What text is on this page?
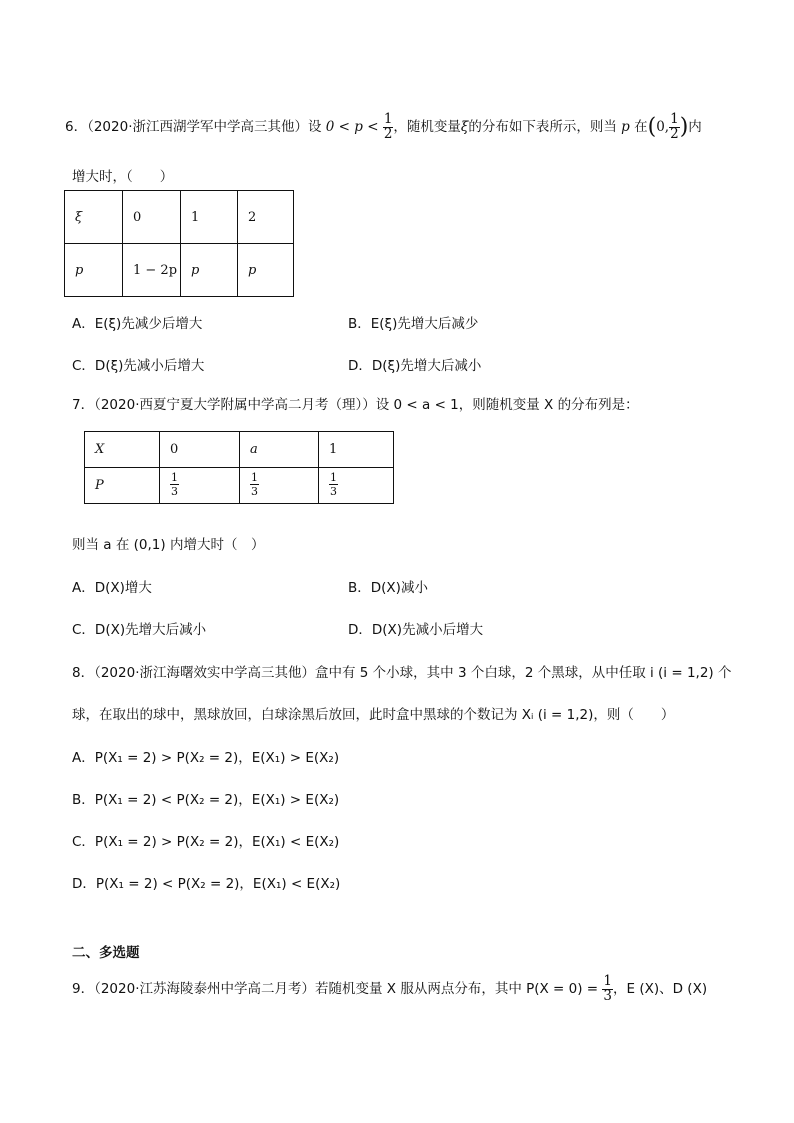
6．（2020·浙江西湖学军中学高三其他）设 $0 < p < \frac{1}{2}$ ，随机变量ξ的分布如下表所示，则当 p 在(0, $\frac{1}{2}$ )内
增大时，（　　）
ξ	0	1	2
p	1 − 2p	p	p
A．E(ξ)先减少后增大	B．E(ξ)先增大后减少
C．D(ξ)先减小后增大	D．D(ξ)先增大后减小
7．（2020·西夏宁夏大学附属中学高二月考（理））设 0 < a < 1，则随机变量 X 的分布列是：
X	0	a	1
P	$\frac{1}{3}$	$\frac{1}{3}$	$\frac{1}{3}$
则当 a 在 (0,1) 内增大时（　）
A．D(X)增大	B．D(X)减小
C．D(X)先增大后减小	D．D(X)先减小后增大
8．（2020·浙江海曙效实中学高三其他）盒中有 5 个小球，其中 3 个白球，2 个黑球，从中任取 i (i = 1,2) 个
球，在取出的球中，黑球放回，白球涂黑后放回，此时盒中黑球的个数记为 Xᵢ (i = 1,2)，则（　　）
A．P(X₁ = 2) > P(X₂ = 2)，E(X₁) > E(X₂)
B．P(X₁ = 2) < P(X₂ = 2)，E(X₁) > E(X₂)
C．P(X₁ = 2) > P(X₂ = 2)，E(X₁) < E(X₂)
D．P(X₁ = 2) < P(X₂ = 2)，E(X₁) < E(X₂)
二、多选题
9．（2020·江苏海陵泰州中学高二月考）若随机变量 X 服从两点分布，其中 $P(X = 0) = \frac{1}{3}$ ，E (X)、D (X)
